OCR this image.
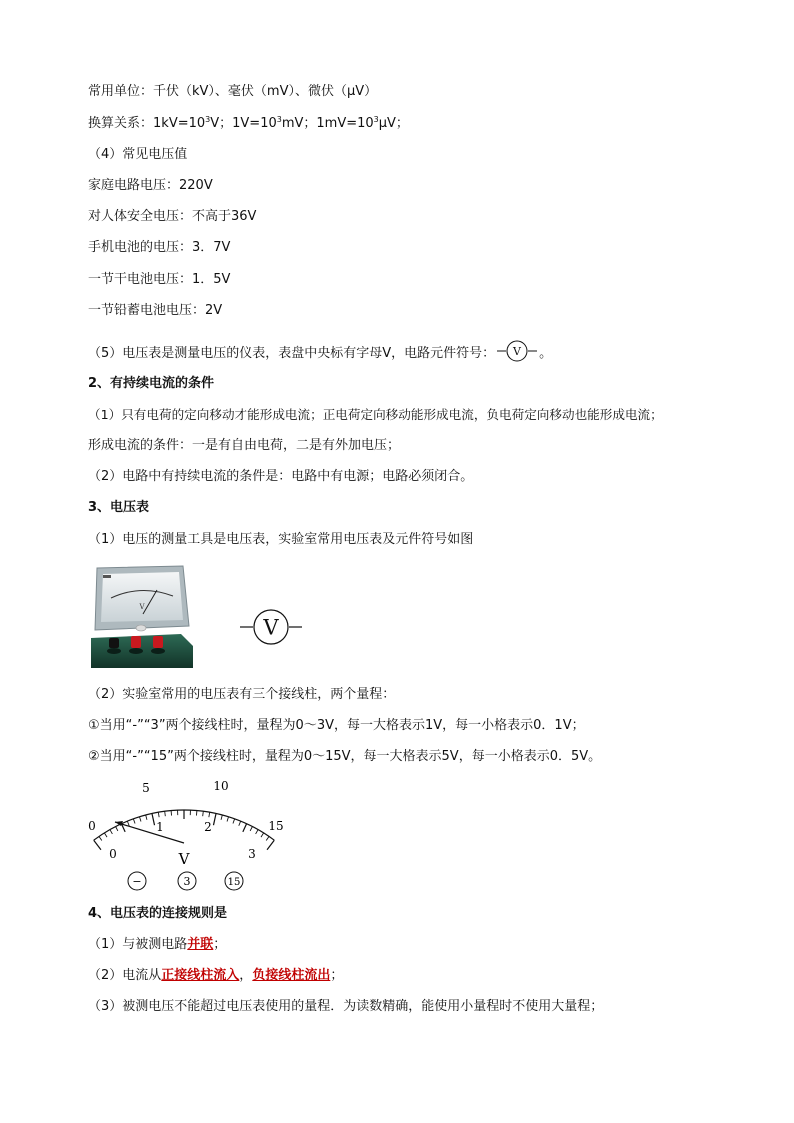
常用单位：千伏（kV）、毫伏（mV）、微伏（μV）
换算关系：$1kV=10^3V$；$1V=10^3mV$；$1mV=10^3\mu V$；
（4）常见电压值
家庭电路电压：220V
对人体安全电压：不高于36V
手机电池的电压：3．7V
一节干电池电压：1．5V
一节铅蓄电池电压：2V
（5）电压表是测量电压的仪表，表盘中央标有字母V，电路元件符号： V 。
2、有持续电流的条件
（1）只有电荷的定向移动才能形成电流；正电荷定向移动能形成电流，负电荷定向移动也能形成电流；
形成电流的条件：一是有自由电荷，二是有外加电压；
（2）电路中有持续电流的条件是：电路中有电源；电路必须闭合。
3、电压表
（1）电压的测量工具是电压表，实验室常用电压表及元件符号如图
V
V
（2）实验室常用的电压表有三个接线柱，两个量程：
①当用“-”“3”两个接线柱时，量程为0～3V，每一大格表示1V，每一小格表示0．1V；
②当用“-”“15”两个接线柱时，量程为0～15V，每一大格表示5V，每一小格表示0．5V。
0
5	10
15
0
1	2
3
V
−	3	15
4、电压表的连接规则是
（1）与被测电路并联；
（2）电流从正接线柱流入，负接线柱流出；
（3）被测电压不能超过电压表使用的量程．为读数精确，能使用小量程时不使用大量程；
